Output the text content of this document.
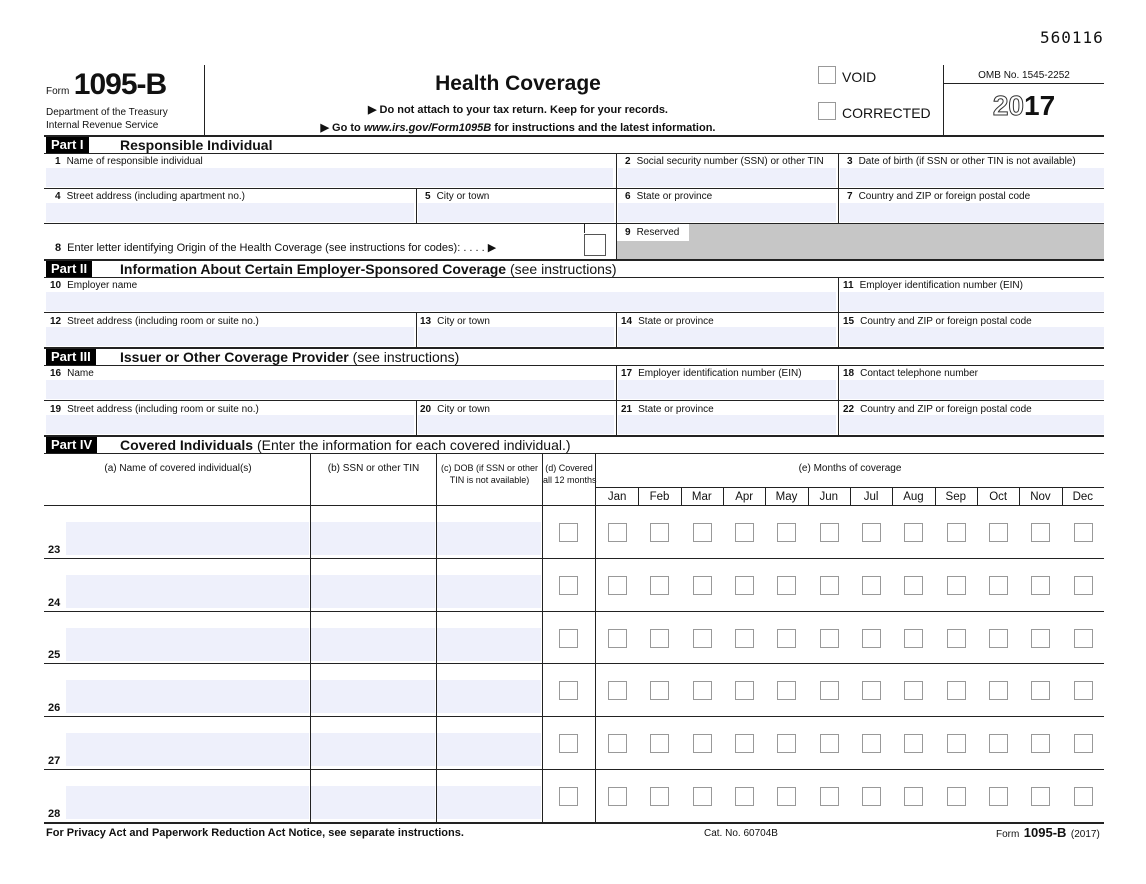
560116
Form 1095-B
Department of the Treasury
Internal Revenue Service
Health Coverage
▶ Do not attach to your tax return. Keep for your records.
▶ Go to www.irs.gov/Form1095B for instructions and the latest information.
VOID
CORRECTED
OMB No. 1545-2252
2017
Part I	Responsible Individual
1 Name of responsible individual	2 Social security number (SSN) or other TIN 3 Date of birth (if SSN or other TIN is not available)
4 Street address (including apartment no.)	5 City or town	6 State or province	7 Country and ZIP or foreign postal code
8 Enter letter identifying Origin of the Health Coverage (see instructions for codes): . . . . ▶
9 Reserved
Part II	Information About Certain Employer-Sponsored Coverage (see instructions)
10 Employer name	11 Employer identification number (EIN)
12 Street address (including room or suite no.)	13 City or town	14 State or province	15 Country and ZIP or foreign postal code
Part III	Issuer or Other Coverage Provider (see instructions)
16 Name	17 Employer identification number (EIN)	18 Contact telephone number
19 Street address (including room or suite no.)	20 City or town	21 State or province	22 Country and ZIP or foreign postal code
Part IV	Covered Individuals (Enter the information for each covered individual.)
(a) Name of covered individual(s)	(b) SSN or other TIN	(c) DOB (if SSN or other
TIN is not available)
(d) Covered
all 12 months
(e) Months of coverage
Jan	Feb	Mar	Apr	May	Jun	Jul	Aug	Sep	Oct	Nov	Dec
23
24
25
26
27
28
For Privacy Act and Paperwork Reduction Act Notice, see separate instructions.	Cat. No. 60704B	Form 1095-B (2017)
